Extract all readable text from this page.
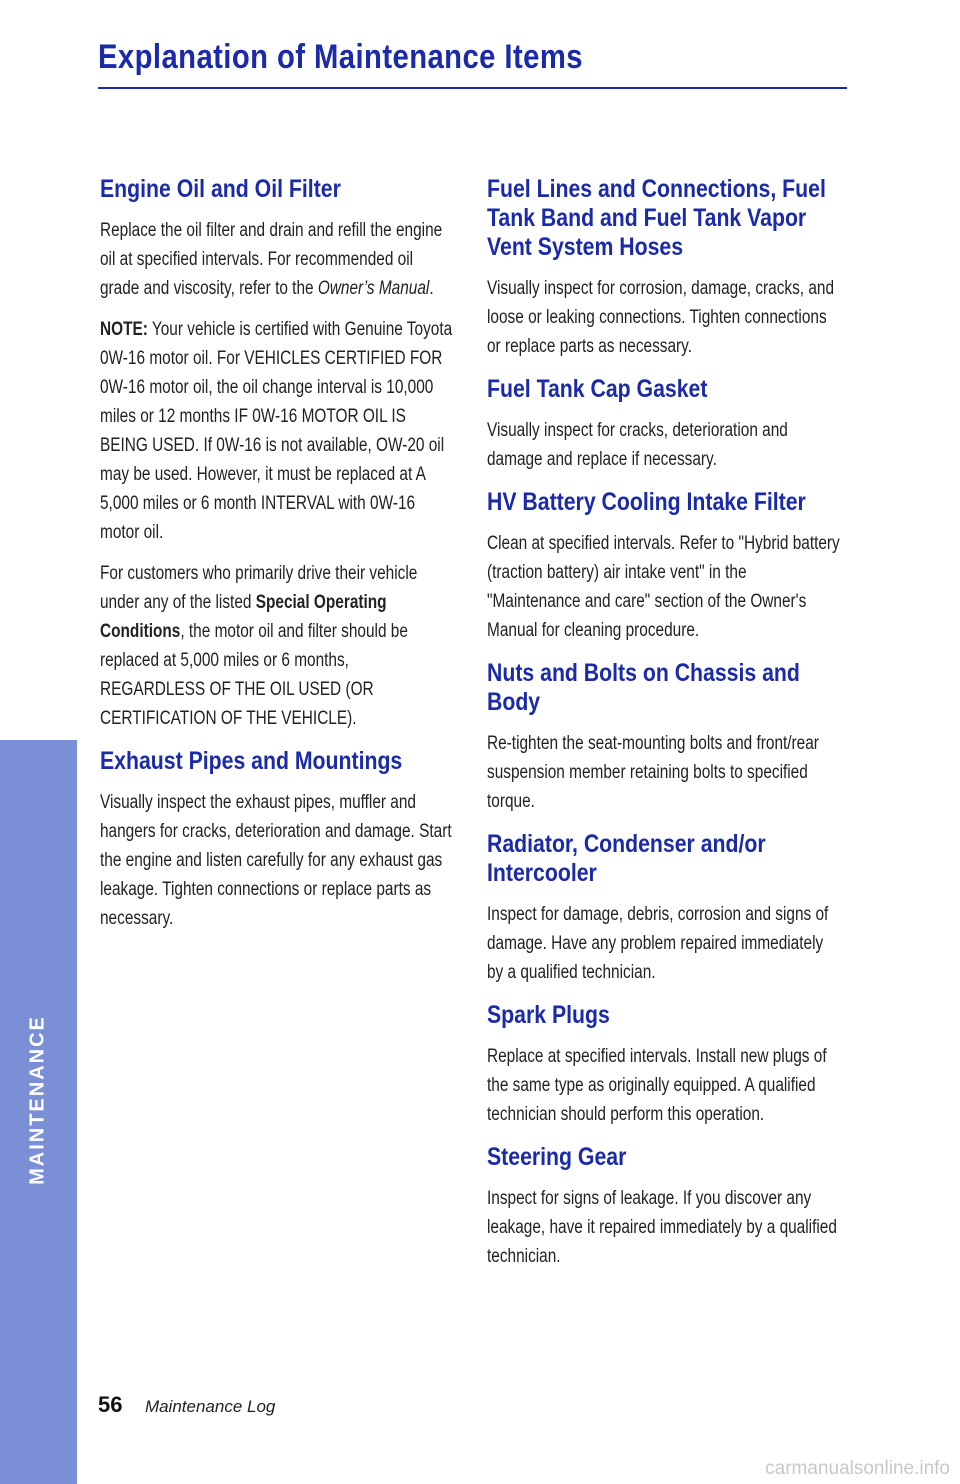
Explanation of Maintenance Items
Engine Oil and Oil Filter

Replace the oil filter and drain and refill the engine oil at specified intervals. For recommended oil grade and viscosity, refer to the Owner’s Manual.

NOTE: Your vehicle is certified with Genuine Toyota 0W-16 motor oil. For VEHICLES CERTIFIED FOR 0W-16 motor oil, the oil change interval is 10,000 miles or 12 months IF 0W-16 MOTOR OIL IS BEING USED. If 0W-16 is not available, OW-20 oil may be used. However, it must be replaced at A 5,000 miles or 6 month INTERVAL with 0W-16 motor oil.

For customers who primarily drive their vehicle under any of the listed Special Operating Conditions, the motor oil and filter should be replaced at 5,000 miles or 6 months, REGARDLESS OF THE OIL USED (OR CERTIFICATION OF THE VEHICLE).

Exhaust Pipes and Mountings

Visually inspect the exhaust pipes, muffler and hangers for cracks, deterioration and damage. Start the engine and listen carefully for any exhaust gas leakage. Tighten connections or replace parts as necessary.

Fuel Lines and Connections, Fuel Tank Band and Fuel Tank Vapor Vent System Hoses

Visually inspect for corrosion, damage, cracks, and loose or leaking connections. Tighten connections or replace parts as necessary.

Fuel Tank Cap Gasket

Visually inspect for cracks, deterioration and damage and replace if necessary.

HV Battery Cooling Intake Filter

Clean at specified intervals. Refer to "Hybrid battery (traction battery) air intake vent" in the "Maintenance and care" section of the Owner's Manual for cleaning procedure.

Nuts and Bolts on Chassis and Body

Re-tighten the seat-mounting bolts and front/rear suspension member retaining bolts to specified torque.

Radiator, Condenser and/or Intercooler

Inspect for damage, debris, corrosion and signs of damage. Have any problem repaired immediately by a qualified technician.

Spark Plugs

Replace at specified intervals. Install new plugs of the same type as originally equipped. A qualified technician should perform this operation.

Steering Gear

Inspect for signs of leakage. If you discover any leakage, have it repaired immediately by a qualified technician.

MAINTENANCE
56 Maintenance Log
carmanualsonline.info
